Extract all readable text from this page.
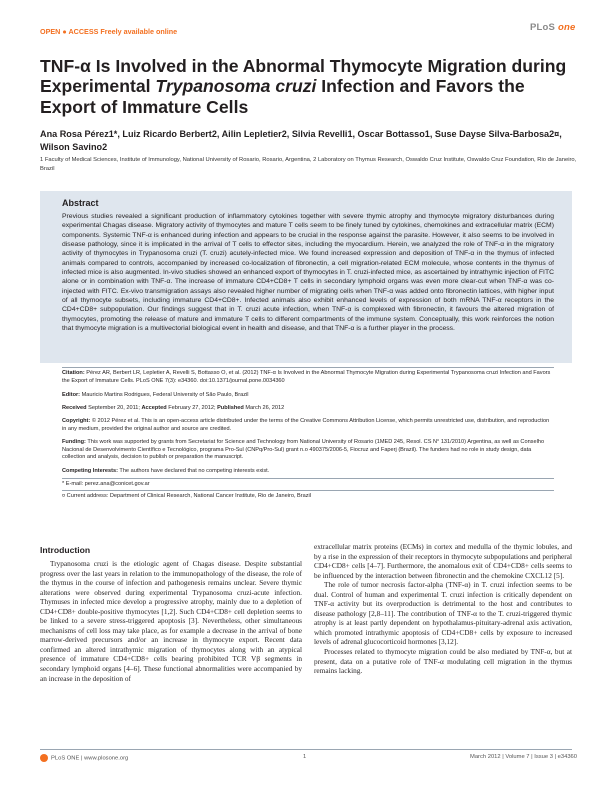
OPEN ● ACCESS Freely available online	PLoS one
TNF-α Is Involved in the Abnormal Thymocyte Migration during Experimental Trypanosoma cruzi Infection and Favors the Export of Immature Cells
Ana Rosa Pérez1*, Luiz Ricardo Berbert2, Ailin Lepletier2, Silvia Revelli1, Oscar Bottasso1, Suse Dayse Silva-Barbosa2¤, Wilson Savino2
1 Faculty of Medical Sciences, Institute of Immunology, National University of Rosario, Rosario, Argentina, 2 Laboratory on Thymus Research, Oswaldo Cruz Institute, Oswaldo Cruz Foundation, Rio de Janeiro, Brazil
Abstract
Previous studies revealed a significant production of inflammatory cytokines together with severe thymic atrophy and thymocyte migratory disturbances during experimental Chagas disease. Migratory activity of thymocytes and mature T cells seem to be finely tuned by cytokines, chemokines and extracellular matrix (ECM) components. Systemic TNF-α is enhanced during infection and appears to be crucial in the response against the parasite. However, it also seems to be involved in disease pathology, since it is implicated in the arrival of T cells to effector sites, including the myocardium. Herein, we analyzed the role of TNF-α in the migratory activity of thymocytes in Trypanosoma cruzi (T. cruzi) acutely-infected mice. We found increased expression and deposition of TNF-α in the thymus of infected animals compared to controls, accompanied by increased co-localization of fibronectin, a cell migration-related ECM molecule, whose contents in the thymus of infected mice is also augmented. In-vivo studies showed an enhanced export of thymocytes in T. cruzi-infected mice, as ascertained by intrathymic injection of FITC alone or in combination with TNF-α. The increase of immature CD4+CD8+ T cells in secondary lymphoid organs was even more clear-cut when TNF-α was co-injected with FITC. Ex-vivo transmigration assays also revealed higher number of migrating cells when TNF-α was added onto fibronectin lattices, with higher input of all thymocyte subsets, including immature CD4+CD8+. Infected animals also exhibit enhanced levels of expression of both mRNA TNF-α receptors in the CD4+CD8+ subpopulation. Our findings suggest that in T. cruzi acute infection, when TNF-α is complexed with fibronectin, it favours the altered migration of thymocytes, promoting the release of mature and immature T cells to different compartments of the immune system. Conceptually, this work reinforces the notion that thymocyte migration is a multivectorial biological event in health and disease, and that TNF-α is a further player in the process.
Citation: Pérez AR, Berbert LR, Lepletier A, Revelli S, Bottasso O, et al. (2012) TNF-α Is Involved in the Abnormal Thymocyte Migration during Experimental Trypanosoma cruzi Infection and Favors the Export of Immature Cells. PLoS ONE 7(3): e34360. doi:10.1371/journal.pone.0034360
Editor: Mauricio Martins Rodrigues, Federal University of São Paulo, Brazil
Received September 20, 2011; Accepted February 27, 2012; Published March 26, 2012
Copyright: © 2012 Pérez et al. This is an open-access article distributed under the terms of the Creative Commons Attribution License, which permits unrestricted use, distribution, and reproduction in any medium, provided the original author and source are credited.
Funding: This work was supported by grants from Secretariat for Science and Technology from National University of Rosario (1MED 245, Resol. CS N° 131/2010) Argentina, as well as Conselho Nacional de Desenvolvimento Científico e Tecnológico, programa Pro-Sul (CNPq/Pro-Sul) grant n.o 490375/2006-5, Fiocruz and Faperj (Brazil). The funders had no role in study design, data collection and analysis, decision to publish or preparation the manuscript.
Competing Interests: The authors have declared that no competing interests exist.
* E-mail: perez.ana@conicet.gov.ar
¤ Current address: Department of Clinical Research, National Cancer Institute, Rio de Janeiro, Brazil
Introduction

Trypanosoma cruzi is the etiologic agent of Chagas disease. Despite substantial progress over the last years in relation to the immunopathology of the disease, the role of the thymus in the course of infection and pathogenesis remains unclear. Severe thymic alterations were observed during experimental Trypanosoma cruzi-acute infection. Thymuses in infected mice develop a progressive atrophy, mainly due to a depletion of CD4+CD8+ double-positive thymocytes [1,2]. Such CD4+CD8+ cell depletion seems to be linked to a severe stress-triggered apoptosis [3]. Nevertheless, other simultaneous mechanisms of cell loss may take place, as for example a decrease in the arrival of bone marrow-derived precursors and/or an increase in thymocyte export. Recent data confirmed an altered intrathymic migration of thymocytes along with an atypical presence of immature CD4+CD8+ cells bearing prohibited TCR Vβ segments in secondary lymphoid organs [4–6]. These functional abnormalities were accompanied by an increase in the deposition of

extracellular matrix proteins (ECMs) in cortex and medulla of the thymic lobules, and by a rise in the expression of their receptors in thymocyte subpopulations and peripheral CD4+CD8+ cells [4–7]. Furthermore, the anomalous exit of CD4+CD8+ cells seems to be influenced by the interaction between fibronectin and the chemokine CXCL12 [5].

The role of tumor necrosis factor-alpha (TNF-α) in T. cruzi infection seems to be dual. Control of human and experimental T. cruzi infection is critically dependent on TNF-α activity but its overproduction is detrimental to the host and contributes to disease pathology [2,8–11]. The contribution of TNF-α to the T. cruzi-triggered thymic atrophy is at least partly dependent on hypothalamus-pituitary-adrenal axis activation, which promoted intrathymic apoptosis of CD4+CD8+ cells by exposure to increased levels of adrenal glucocorticoid hormones [3,12].

Processes related to thymocyte migration could be also mediated by TNF-α, but at present, data on a putative role of TNF-α modulating cell migration in the thymus remains lacking.

PLoS ONE | www.plosone.org	1	March 2012 | Volume 7 | Issue 3 | e34360
